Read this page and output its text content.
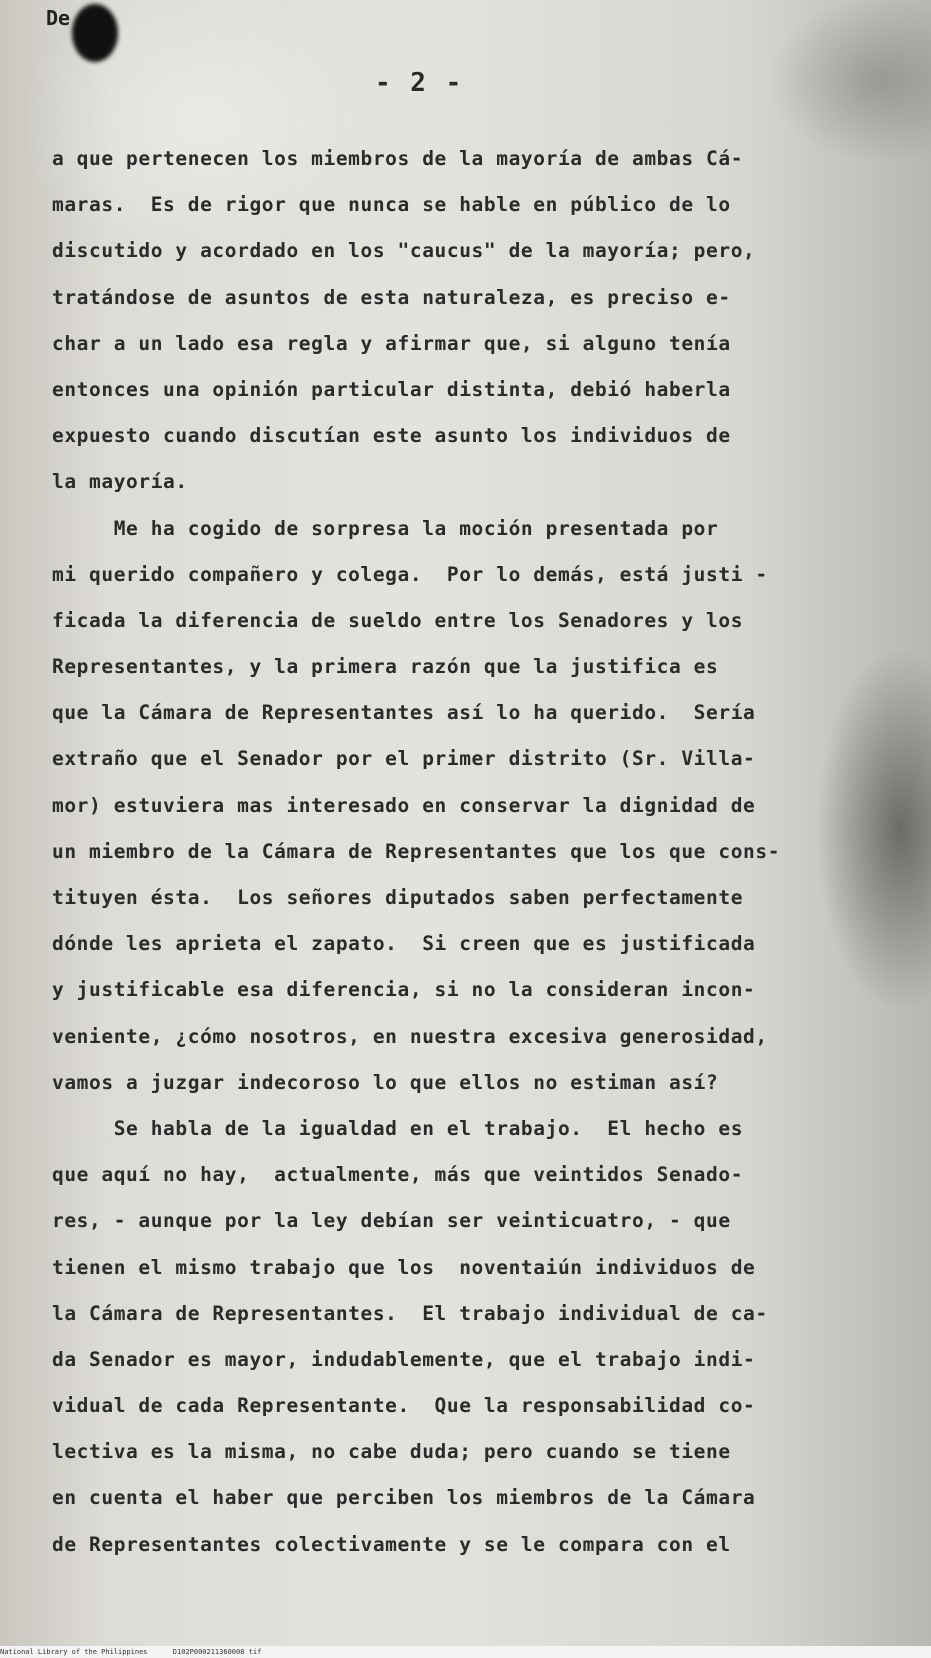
De
- 2 -
a que pertenecen los miembros de la mayoría de ambas Cá-
maras.  Es de rigor que nunca se hable en público de lo
discutido y acordado en los "caucus" de la mayoría; pero,
tratándose de asuntos de esta naturaleza, es preciso e-
char a un lado esa regla y afirmar que, si alguno tenía
entonces una opinión particular distinta, debió haberla
expuesto cuando discutían este asunto los individuos de
la mayoría.
Me ha cogido de sorpresa la moción presentada por
mi querido compañero y colega.  Por lo demás, está justi -
ficada la diferencia de sueldo entre los Senadores y los
Representantes, y la primera razón que la justifica es
que la Cámara de Representantes así lo ha querido.  Sería
extraño que el Senador por el primer distrito (Sr. Villa-
mor) estuviera mas interesado en conservar la dignidad de
un miembro de la Cámara de Representantes que los que cons-
tituyen ésta.  Los señores diputados saben perfectamente
dónde les aprieta el zapato.  Si creen que es justificada
y justificable esa diferencia, si no la consideran incon-
veniente, ¿cómo nosotros, en nuestra excesiva generosidad,
vamos a juzgar indecoroso lo que ellos no estiman así?
Se habla de la igualdad en el trabajo.  El hecho es
que aquí no hay,  actualmente, más que veintidos Senado-
res, - aunque por la ley debían ser veinticuatro, - que
tienen el mismo trabajo que los  noventaiún individuos de
la Cámara de Representantes.  El trabajo individual de ca-
da Senador es mayor, indudablemente, que el trabajo indi-
vidual de cada Representante.  Que la responsabilidad co-
lectiva es la misma, no cabe duda; pero cuando se tiene
en cuenta el haber que perciben los miembros de la Cámara
de Representantes colectivamente y se le compara con el
National Library of the Philippines      D102P000211360008 tif
